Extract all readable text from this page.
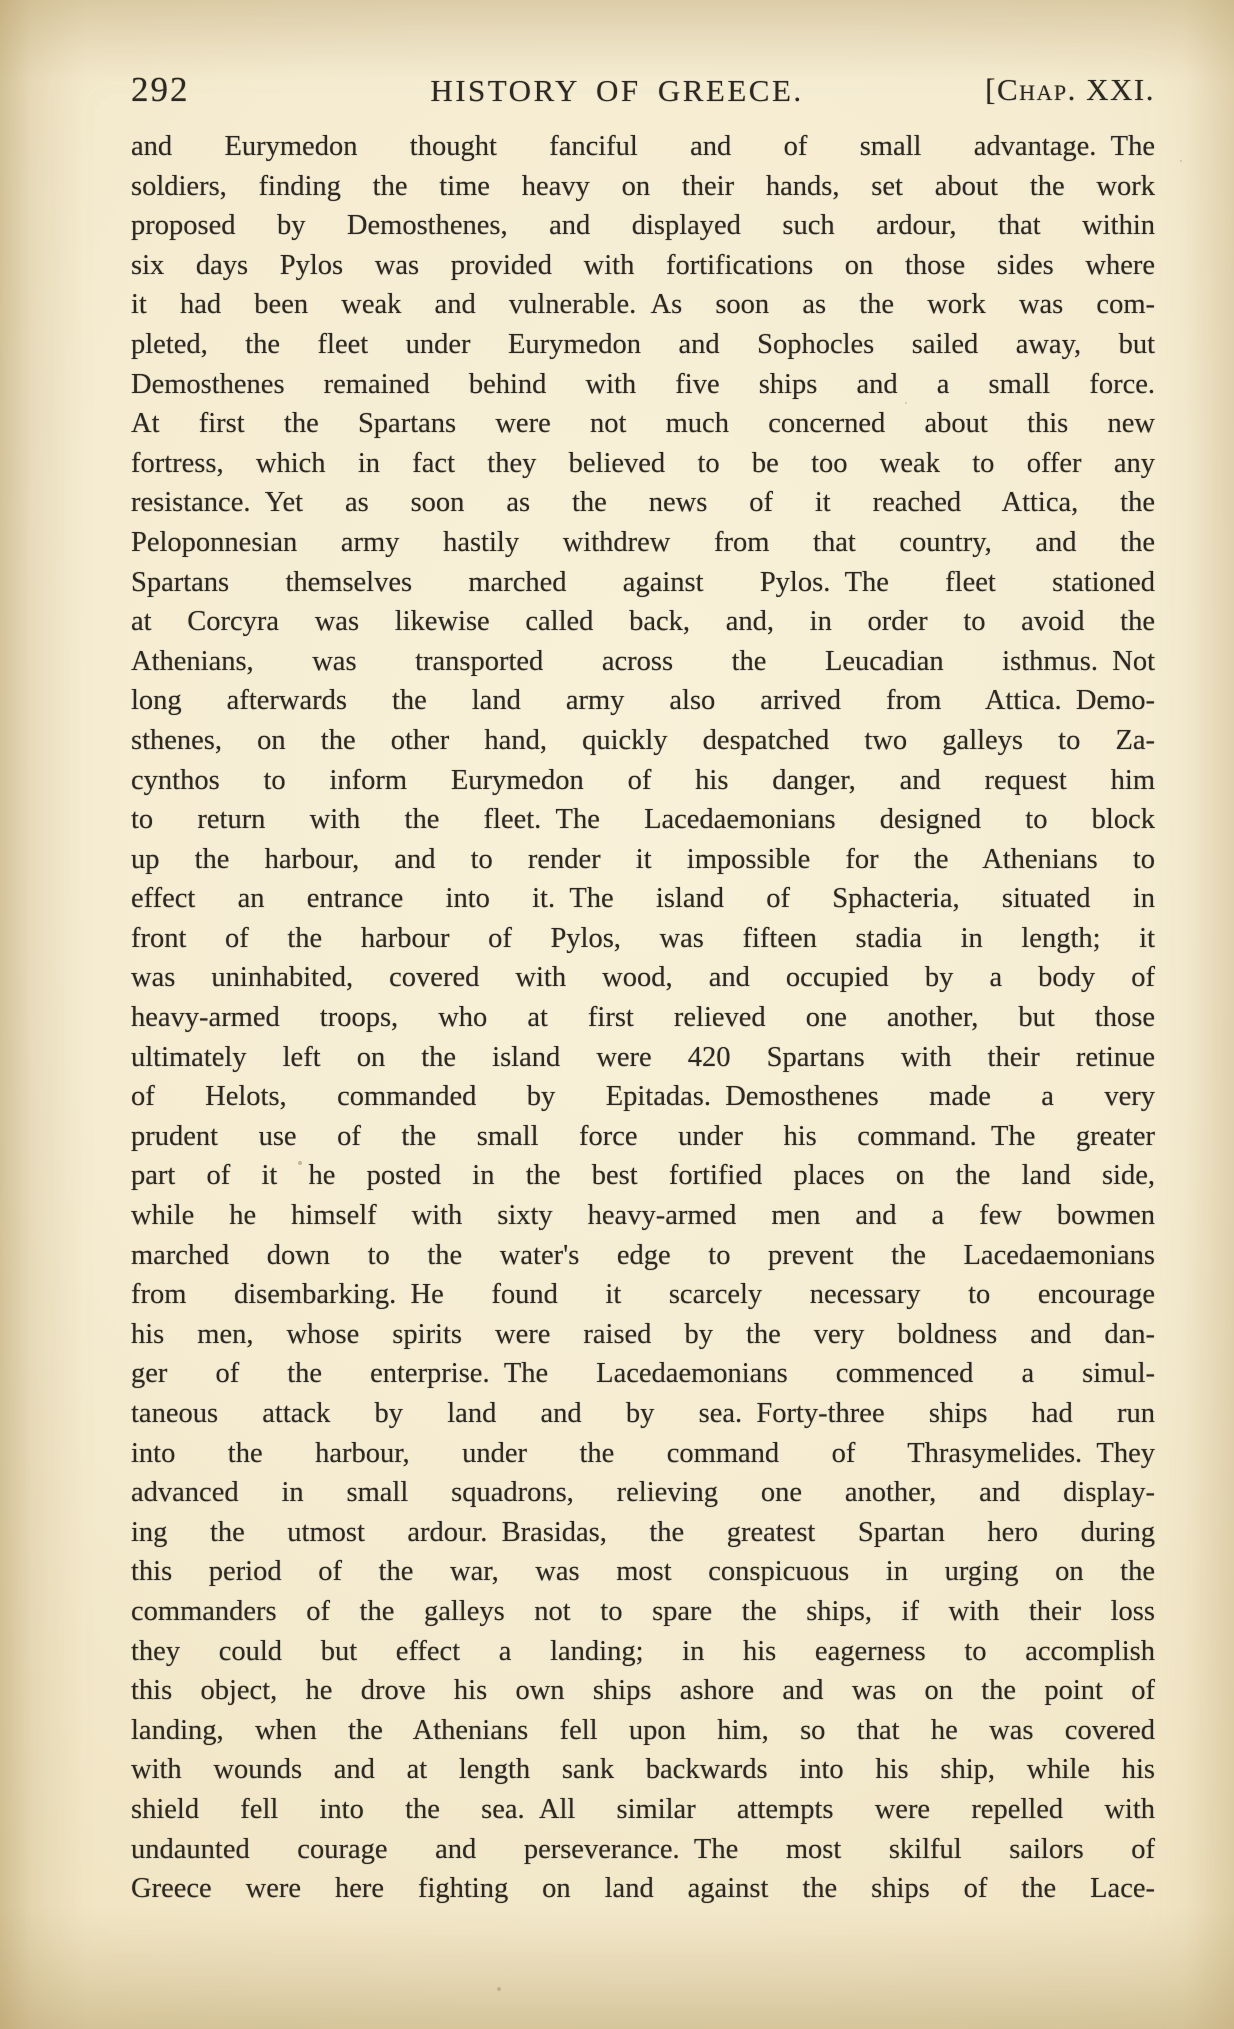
292	HISTORY OF GREECE.	[Chap. XXI.
and Eurymedon thought fanciful and of small advantage. The
soldiers, finding the time heavy on their hands, set about the work
proposed by Demosthenes, and displayed such ardour, that within
six days Pylos was provided with fortifications on those sides where
it had been weak and vulnerable. As soon as the work was com-
pleted, the fleet under Eurymedon and Sophocles sailed away, but
Demosthenes remained behind with five ships and a small force.
At first the Spartans were not much concerned about this new
fortress, which in fact they believed to be too weak to offer any
resistance. Yet as soon as the news of it reached Attica, the
Peloponnesian army hastily withdrew from that country, and the
Spartans themselves marched against Pylos. The fleet stationed
at Corcyra was likewise called back, and, in order to avoid the
Athenians, was transported across the Leucadian isthmus. Not
long afterwards the land army also arrived from Attica. Demo-
sthenes, on the other hand, quickly despatched two galleys to Za-
cynthos to inform Eurymedon of his danger, and request him
to return with the fleet. The Lacedaemonians designed to block
up the harbour, and to render it impossible for the Athenians to
effect an entrance into it. The island of Sphacteria, situated in
front of the harbour of Pylos, was fifteen stadia in length; it
was uninhabited, covered with wood, and occupied by a body of
heavy-armed troops, who at first relieved one another, but those
ultimately left on the island were 420 Spartans with their retinue
of Helots, commanded by Epitadas. Demosthenes made a very
prudent use of the small force under his command. The greater
part of it he posted in the best fortified places on the land side,
while he himself with sixty heavy-armed men and a few bowmen
marched down to the water's edge to prevent the Lacedaemonians
from disembarking. He found it scarcely necessary to encourage
his men, whose spirits were raised by the very boldness and dan-
ger of the enterprise. The Lacedaemonians commenced a simul-
taneous attack by land and by sea. Forty-three ships had run
into the harbour, under the command of Thrasymelides. They
advanced in small squadrons, relieving one another, and display-
ing the utmost ardour. Brasidas, the greatest Spartan hero during
this period of the war, was most conspicuous in urging on the
commanders of the galleys not to spare the ships, if with their loss
they could but effect a landing; in his eagerness to accomplish
this object, he drove his own ships ashore and was on the point of
landing, when the Athenians fell upon him, so that he was covered
with wounds and at length sank backwards into his ship, while his
shield fell into the sea. All similar attempts were repelled with
undaunted courage and perseverance. The most skilful sailors of
Greece were here fighting on land against the ships of the Lace-
